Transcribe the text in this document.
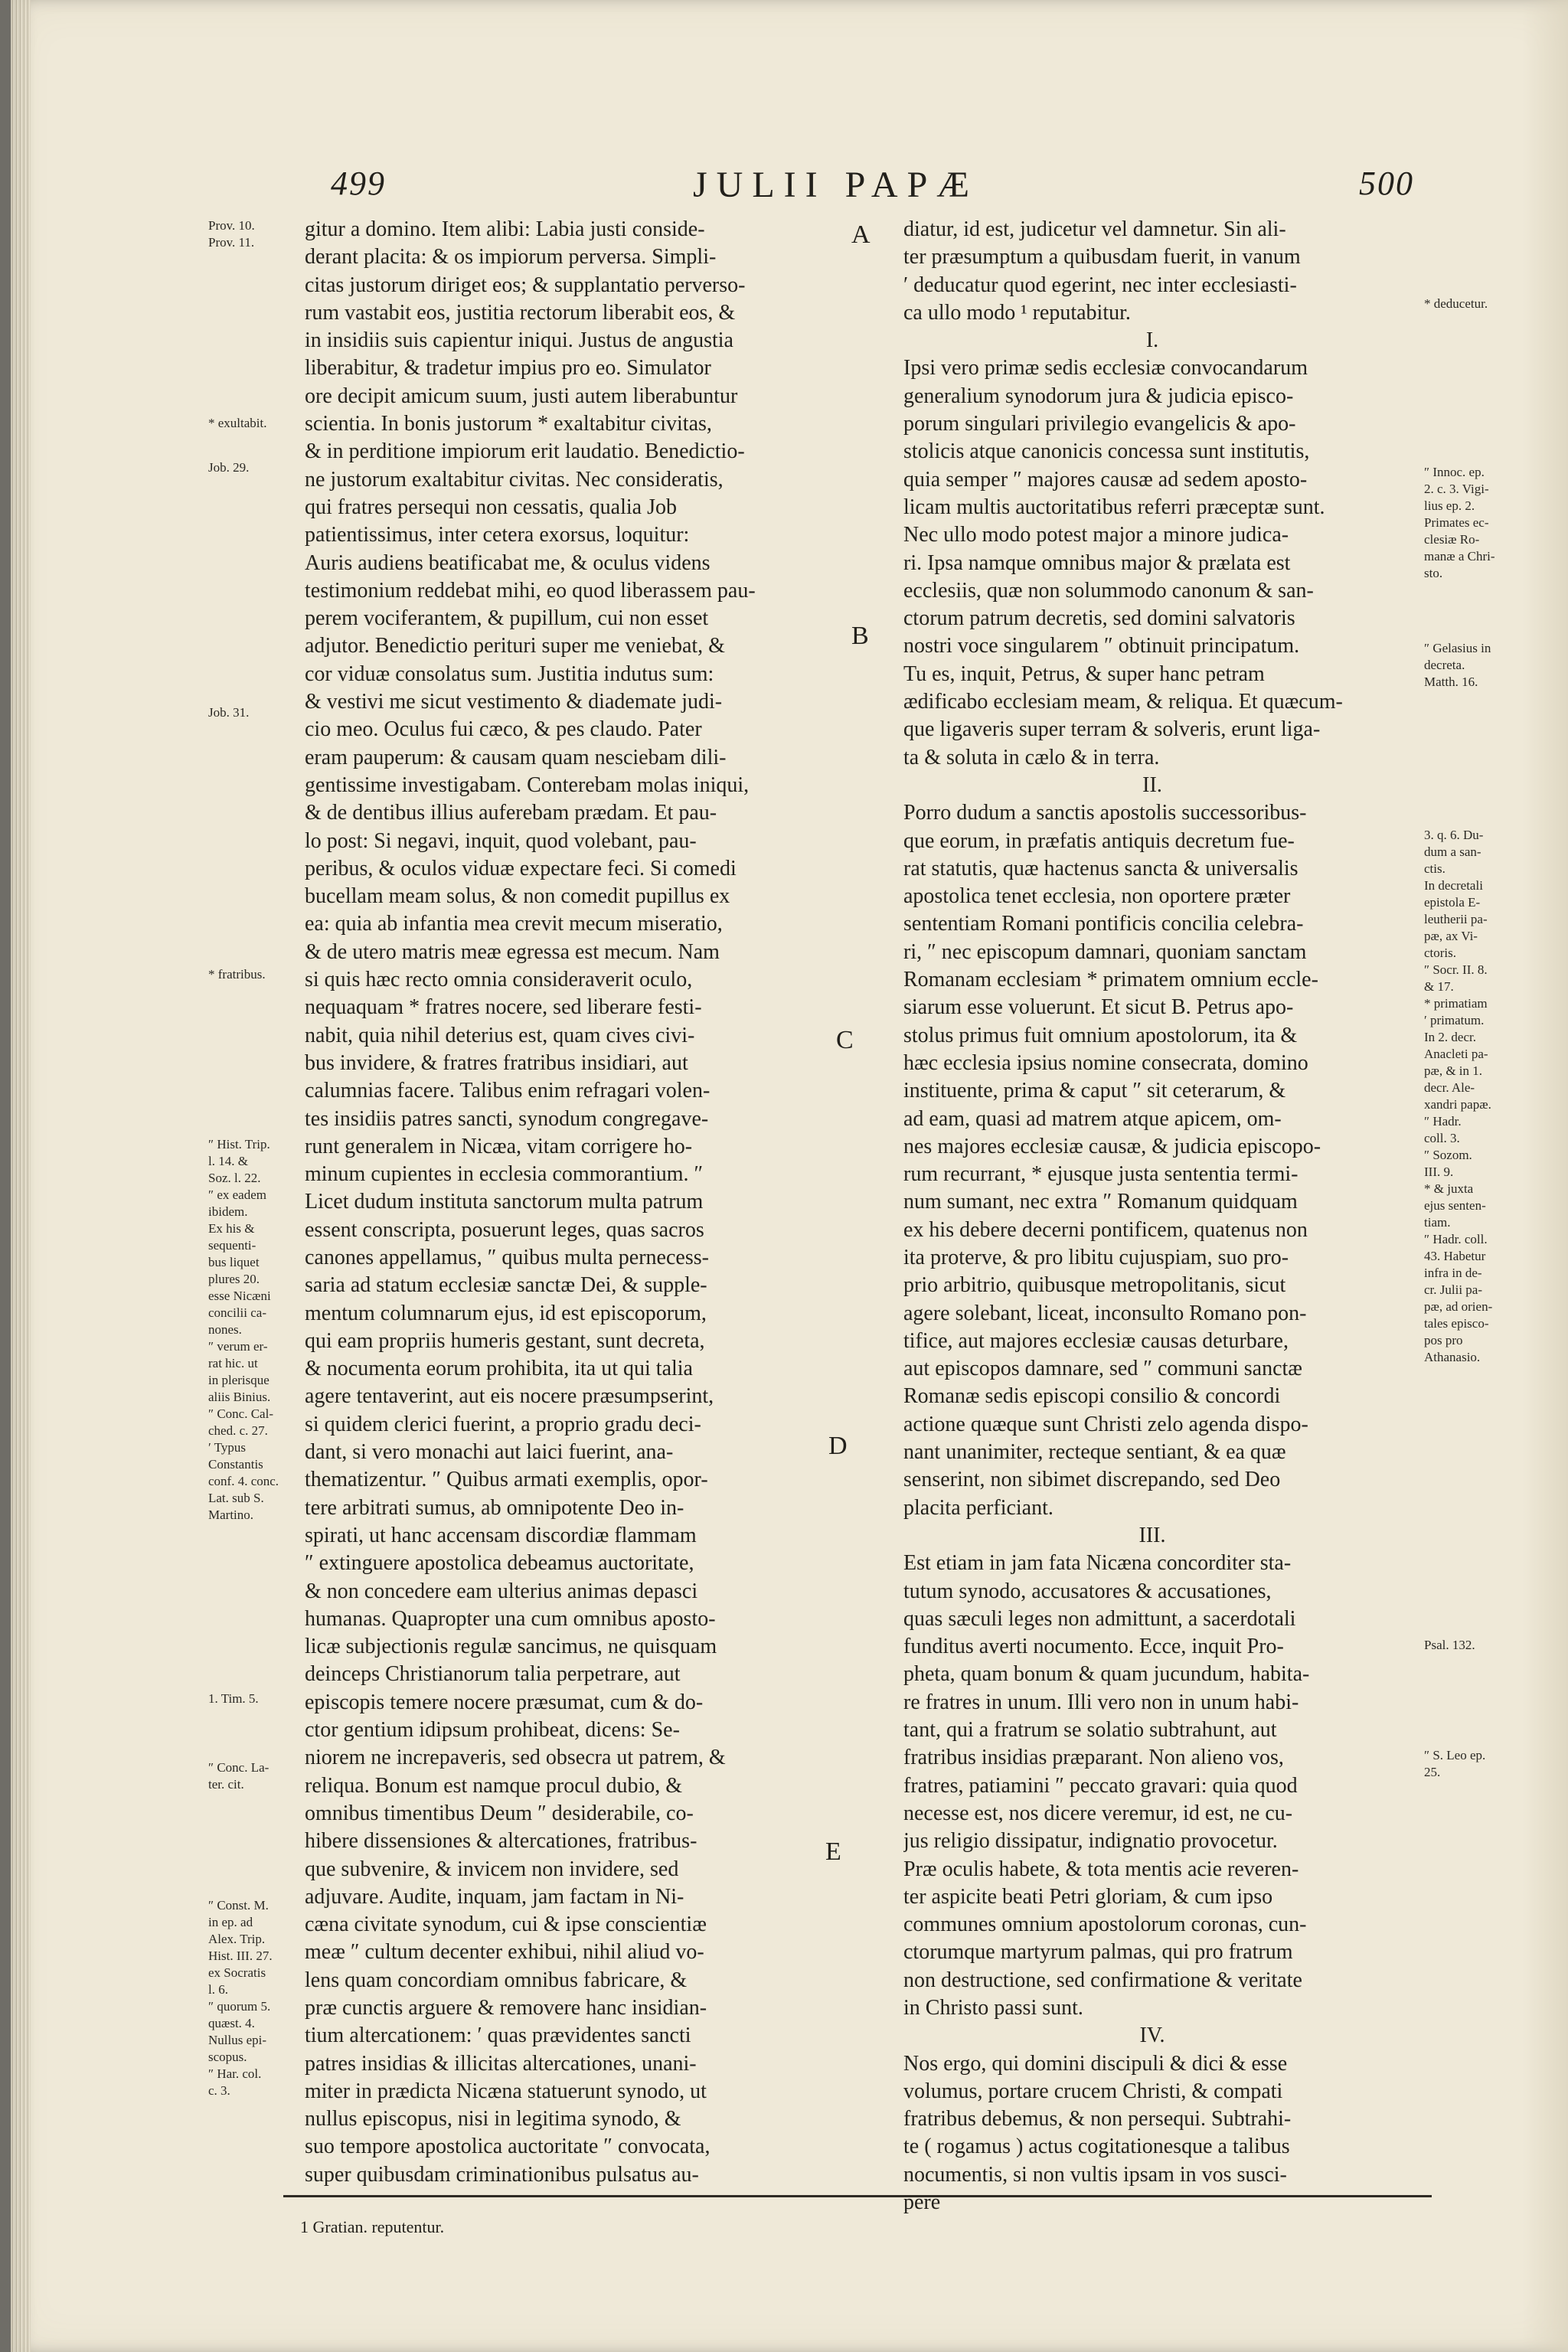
499	JULII PAPÆ	500
gitur a domino. Item alibi: Labia justi conside-
derant placita: & os impiorum perversa. Simpli-
citas justorum diriget eos; & supplantatio perverso-
rum vastabit eos, justitia rectorum liberabit eos, &
in insidiis suis capientur iniqui. Justus de angustia
liberabitur, & tradetur impius pro eo. Simulator
ore decipit amicum suum, justi autem liberabuntur
scientia. In bonis justorum * exaltabitur civitas,
& in perditione impiorum erit laudatio. Benedictio-
ne justorum exaltabitur civitas. Nec consideratis,
qui fratres persequi non cessatis, qualia Job
patientissimus, inter cetera exorsus, loquitur:
Auris audiens beatificabat me, & oculus videns
testimonium reddebat mihi, eo quod liberassem pau-
perem vociferantem, & pupillum, cui non esset
adjutor. Benedictio perituri super me veniebat, &
cor viduæ consolatus sum. Justitia indutus sum:
& vestivi me sicut vestimento & diademate judi-
cio meo. Oculus fui cæco, & pes claudo. Pater
eram pauperum: & causam quam nesciebam dili-
gentissime investigabam. Conterebam molas iniqui,
& de dentibus illius auferebam prædam. Et pau-
lo post: Si negavi, inquit, quod volebant, pau-
peribus, & oculos viduæ expectare feci. Si comedi
bucellam meam solus, & non comedit pupillus ex
ea: quia ab infantia mea crevit mecum miseratio,
& de utero matris meæ egressa est mecum. Nam
si quis hæc recto omnia consideraverit oculo,
nequaquam * fratres nocere, sed liberare festi-
nabit, quia nihil deterius est, quam cives civi-
bus invidere, & fratres fratribus insidiari, aut
calumnias facere. Talibus enim refragari volen-
tes insidiis patres sancti, synodum congregave-
runt generalem in Nicæa, vitam corrigere ho-
minum cupientes in ecclesia commorantium. ″
Licet dudum instituta sanctorum multa patrum
essent conscripta, posuerunt leges, quas sacros
canones appellamus, ″ quibus multa pernecess-
saria ad statum ecclesiæ sanctæ Dei, & supple-
mentum columnarum ejus, id est episcoporum,
qui eam propriis humeris gestant, sunt decreta,
& nocumenta eorum prohibita, ita ut qui talia
agere tentaverint, aut eis nocere præsumpserint,
si quidem clerici fuerint, a proprio gradu deci-
dant, si vero monachi aut laici fuerint, ana-
thematizentur. ″ Quibus armati exemplis, opor-
tere arbitrati sumus, ab omnipotente Deo in-
spirati, ut hanc accensam discordiæ flammam
″ extinguere apostolica debeamus auctoritate,
& non concedere eam ulterius animas depasci
humanas. Quapropter una cum omnibus aposto-
licæ subjectionis regulæ sancimus, ne quisquam
deinceps Christianorum talia perpetrare, aut
episcopis temere nocere præsumat, cum & do-
ctor gentium idipsum prohibeat, dicens: Se-
niorem ne increpaveris, sed obsecra ut patrem, &
reliqua. Bonum est namque procul dubio, &
omnibus timentibus Deum ″ desiderabile, co-
hibere dissensiones & altercationes, fratribus-
que subvenire, & invicem non invidere, sed
adjuvare. Audite, inquam, jam factam in Ni-
cæna civitate synodum, cui & ipse conscientiæ
meæ ″ cultum decenter exhibui, nihil aliud vo-
lens quam concordiam omnibus fabricare, &
præ cunctis arguere & removere hanc insidian-
tium altercationem: ′ quas prævidentes sancti
patres insidias & illicitas altercationes, unani-
miter in prædicta Nicæna statuerunt synodo, ut
nullus episcopus, nisi in legitima synodo, &
suo tempore apostolica auctoritate ″ convocata,
super quibusdam criminationibus pulsatus au-
diatur, id est, judicetur vel damnetur. Sin ali-
ter præsumptum a quibusdam fuerit, in vanum
′ deducatur quod egerint, nec inter ecclesiasti-
ca ullo modo ¹ reputabitur.
I.
Ipsi vero primæ sedis ecclesiæ convocandarum
generalium synodorum jura & judicia episco-
porum singulari privilegio evangelicis & apo-
stolicis atque canonicis concessa sunt institutis,
quia semper ″ majores causæ ad sedem aposto-
licam multis auctoritatibus referri præceptæ sunt.
Nec ullo modo potest major a minore judica-
ri. Ipsa namque omnibus major & prælata est
ecclesiis, quæ non solummodo canonum & san-
ctorum patrum decretis, sed domini salvatoris
nostri voce singularem ″ obtinuit principatum.
Tu es, inquit, Petrus, & super hanc petram
ædificabo ecclesiam meam, & reliqua. Et quæcum-
que ligaveris super terram & solveris, erunt liga-
ta & soluta in cælo & in terra.
II.
Porro dudum a sanctis apostolis successoribus-
que eorum, in præfatis antiquis decretum fue-
rat statutis, quæ hactenus sancta & universalis
apostolica tenet ecclesia, non oportere præter
sententiam Romani pontificis concilia celebra-
ri, ″ nec episcopum damnari, quoniam sanctam
Romanam ecclesiam * primatem omnium eccle-
siarum esse voluerunt. Et sicut B. Petrus apo-
stolus primus fuit omnium apostolorum, ita &
hæc ecclesia ipsius nomine consecrata, domino
instituente, prima & caput ″ sit ceterarum, &
ad eam, quasi ad matrem atque apicem, om-
nes majores ecclesiæ causæ, & judicia episcopo-
rum recurrant, * ejusque justa sententia termi-
num sumant, nec extra ″ Romanum quidquam
ex his debere decerni pontificem, quatenus non
ita proterve, & pro libitu cujuspiam, suo pro-
prio arbitrio, quibusque metropolitanis, sicut
agere solebant, liceat, inconsulto Romano pon-
tifice, aut majores ecclesiæ causas deturbare,
aut episcopos damnare, sed ″ communi sanctæ
Romanæ sedis episcopi consilio & concordi
actione quæque sunt Christi zelo agenda dispo-
nant unanimiter, recteque sentiant, & ea quæ
senserint, non sibimet discrepando, sed Deo
placita perficiant.
III.
Est etiam in jam fata Nicæna concorditer sta-
tutum synodo, accusatores & accusationes,
quas sæculi leges non admittunt, a sacerdotali
funditus averti nocumento. Ecce, inquit Pro-
pheta, quam bonum & quam jucundum, habita-
re fratres in unum. Illi vero non in unum habi-
tant, qui a fratrum se solatio subtrahunt, aut
fratribus insidias præparant. Non alieno vos,
fratres, patiamini ″ peccato gravari: quia quod
necesse est, nos dicere veremur, id est, ne cu-
jus religio dissipatur, indignatio provocetur.
Præ oculis habete, & tota mentis acie reveren-
ter aspicite beati Petri gloriam, & cum ipso
communes omnium apostolorum coronas, cun-
ctorumque martyrum palmas, qui pro fratrum
non destructione, sed confirmatione & veritate
in Christo passi sunt.
IV.
Nos ergo, qui domini discipuli & dici & esse
volumus, portare crucem Christi, & compati
fratribus debemus, & non persequi. Subtrahi-
te ( rogamus ) actus cogitationesque a talibus
nocumentis, si non vultis ipsam in vos susci-
pere
A
B
C
D
E
Prov. 10.
Prov. 11.
* exultabit.
Job. 29.
Job. 31.
* fratribus.
″ Hist. Trip.
l. 14. &
Soz. l. 22.
″ ex eadem
ibidem.
Ex his &
sequenti-
bus liquet
plures 20.
esse Nicæni
concilii ca-
nones.
″ verum er-
rat hic. ut
in plerisque
aliis Binius.
″ Conc. Cal-
ched. c. 27.
′ Typus
Constantis
conf. 4. conc.
Lat. sub S.
Martino.
1. Tim. 5.
″ Conc. La-
ter. cit.
″ Const. M.
in ep. ad
Alex. Trip.
Hist. III. 27.
ex Socratis
l. 6.
″ quorum 5.
quæst. 4.
Nullus epi-
scopus.
″ Har. col.
c. 3.
* deducetur.
″ Innoc. ep.
2. c. 3. Vigi-
lius ep. 2.
Primates ec-
clesiæ Ro-
manæ a Chri-
sto.
″ Gelasius in
decreta.
Matth. 16.
3. q. 6. Du-
dum a san-
ctis.
In decretali
epistola E-
leutherii pa-
pæ, ax Vi-
ctoris.
″ Socr. II. 8.
& 17.
* primatiam
′ primatum.
In 2. decr.
Anacleti pa-
pæ, & in 1.
decr. Ale-
xandri papæ.
″ Hadr.
coll. 3.
″ Sozom.
III. 9.
* & juxta
ejus senten-
tiam.
″ Hadr. coll.
43. Habetur
infra in de-
cr. Julii pa-
pæ, ad orien-
tales episco-
pos pro
Athanasio.
Psal. 132.
″ S. Leo ep.
25.
1 Gratian. reputentur.
